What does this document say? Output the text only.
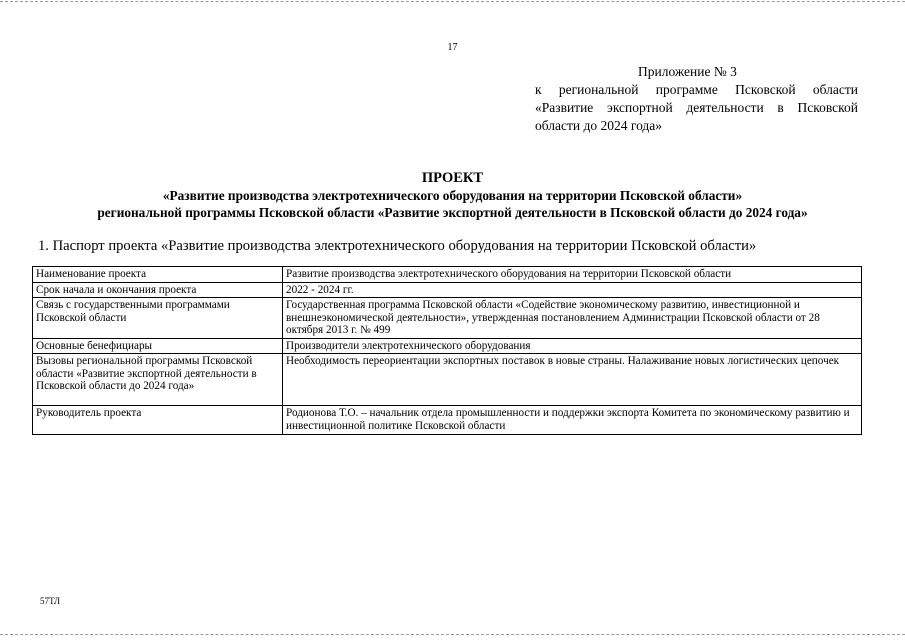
17
Приложение № 3
к региональной программе Псковской области
«Развитие экспортной деятельности в Псковской
области до 2024 года»
ПРОЕКТ
«Развитие производства электротехнического оборудования на территории Псковской области»
региональной программы Псковской области «Развитие экспортной деятельности в Псковской области до 2024 года»
1. Паспорт проекта «Развитие производства электротехнического оборудования на территории Псковской области»
Наименование проекта	Развитие производства электротехнического оборудования на территории Псковской области
Срок начала и окончания проекта	2022 - 2024 гг.
Связь с государственными программами Псковской области	Государственная программа Псковской области «Содействие экономическому развитию, инвестиционной и внешнеэкономической деятельности», утвержденная постановлением Администрации Псковской области от 28 октября 2013 г. № 499
Основные бенефициары	Производители электротехнического оборудования
Вызовы региональной программы Псковской области «Развитие экспортной деятельности в Псковской области до 2024 года»	Необходимость переориентации экспортных поставок в новые страны. Налаживание новых логистических цепочек
Руководитель проекта	Родионова Т.О. – начальник отдела промышленности и поддержки экспорта Комитета по экономическому развитию и инвестиционной политике Псковской области
57ТЛ
